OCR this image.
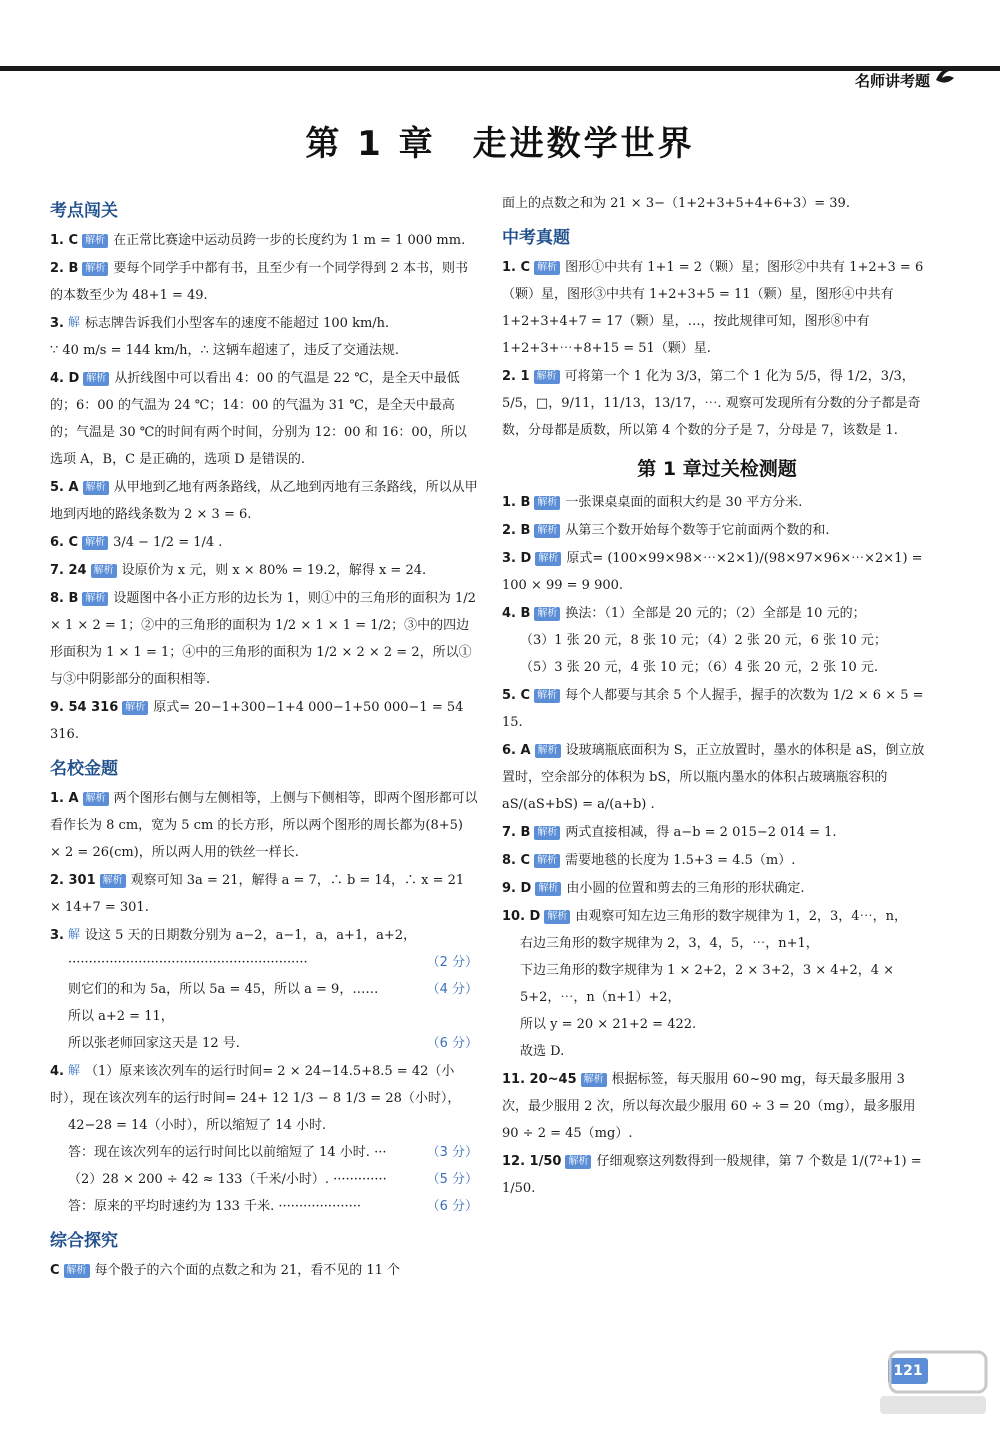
名师讲考题
第 1 章　走进数学世界
考点闯关
1. C 解析 在正常比赛途中运动员跨一步的长度约为 1 m = 1 000 mm.
2. B 解析 要每个同学手中都有书，且至少有一个同学得到 2 本书，则书的本数至少为 48+1 = 49.
3. 解 标志牌告诉我们小型客车的速度不能超过 100 km/h.

∵ 40 m/s = 144 km/h，∴ 这辆车超速了，违反了交通法规.

4. D 解析 从折线图中可以看出 4：00 的气温是 22 ℃，是全天中最低的；6：00 的气温为 24 ℃；14：00 的气温为 31 ℃，是全天中最高的；气温是 30 ℃的时间有两个时间，分别为 12：00 和 16：00，所以选项 A，B，C 是正确的，选项 D 是错误的.
5. A 解析 从甲地到乙地有两条路线，从乙地到丙地有三条路线，所以从甲地到丙地的路线条数为 2 × 3 = 6.
6. C 解析 3/4 − 1/2 = 1/4 .
7. 24 解析 设原价为 x 元，则 x × 80% = 19.2，解得 x = 24.
8. B 解析 设题图中各小正方形的边长为 1，则①中的三角形的面积为 1/2 × 1 × 2 = 1；②中的三角形的面积为 1/2 × 1 × 1 = 1/2；③中的四边形面积为 1 × 1 = 1；④中的三角形的面积为 1/2 × 2 × 2 = 2，所以①与③中阴影部分的面积相等.
9. 54 316 解析 原式= 20−1+300−1+4 000−1+50 000−1 = 54 316.
名校金题
1. A 解析 两个图形右侧与左侧相等，上侧与下侧相等，即两个图形都可以看作长为 8 cm，宽为 5 cm 的长方形，所以两个图形的周长都为(8+5) × 2 = 26(cm)，所以两人用的铁丝一样长.
2. 301 解析 观察可知 3a = 21，解得 a = 7，∴ b = 14，∴ x = 21 × 14+7 = 301.
3. 解 设这 5 天的日期数分别为 a−2，a−1，a，a+1，a+2，

··························································	（2 分）

则它们的和为 5a，所以 5a = 45，所以 a = 9，……	（4 分）

所以 a+2 = 11，

所以张老师回家这天是 12 号.	（6 分）

4. 解 （1）原来该次列车的运行时间= 2 × 24−14.5+8.5 = 42（小时），现在该次列车的运行时间= 24+ 12 1/3 − 8 1/3 = 28（小时），

42−28 = 14（小时），所以缩短了 14 小时.

答：现在该次列车的运行时间比以前缩短了 14 小时. ···	（3 分）

（2）28 × 200 ÷ 42 ≈ 133（千米/小时）. ·············	（5 分）

答：原来的平均时速约为 133 千米. ····················	（6 分）

综合探究
C 解析 每个骰子的六个面的点数之和为 21，看不见的 11 个
面上的点数之和为 21 × 3−（1+2+3+5+4+6+3）= 39.
中考真题
1. C 解析 图形①中共有 1+1 = 2（颗）星；图形②中共有 1+2+3 = 6（颗）星，图形③中共有 1+2+3+5 = 11（颗）星，图形④中共有 1+2+3+4+7 = 17（颗）星，…，按此规律可知，图形⑧中有 1+2+3+⋯+8+15 = 51（颗）星.
2. 1 解析 可将第一个 1 化为 3/3，第二个 1 化为 5/5，得 1/2，3/3，5/5，□，9/11，11/13，13/17，⋯. 观察可发现所有分数的分子都是奇数，分母都是质数，所以第 4 个数的分子是 7，分母是 7，该数是 1.
第 1 章过关检测题
1. B 解析 一张课桌桌面的面积大约是 30 平方分米.
2. B 解析 从第三个数开始每个数等于它前面两个数的和.
3. D 解析 原式= (100×99×98×⋯×2×1)/(98×97×96×⋯×2×1) = 100 × 99 = 9 900.
4. B 解析 换法：（1）全部是 20 元的；（2）全部是 10 元的；

（3）1 张 20 元，8 张 10 元；（4）2 张 20 元，6 张 10 元；

（5）3 张 20 元，4 张 10 元；（6）4 张 20 元，2 张 10 元.

5. C 解析 每个人都要与其余 5 个人握手，握手的次数为 1/2 × 6 × 5 = 15.
6. A 解析 设玻璃瓶底面积为 S，正立放置时，墨水的体积是 aS，倒立放置时，空余部分的体积为 bS，所以瓶内墨水的体积占玻璃瓶容积的 aS/(aS+bS) = a/(a+b) .
7. B 解析 两式直接相减，得 a−b = 2 015−2 014 = 1.
8. C 解析 需要地毯的长度为 1.5+3 = 4.5（m）.
9. D 解析 由小圆的位置和剪去的三角形的形状确定.
10. D 解析 由观察可知左边三角形的数字规律为 1，2，3，4⋯，n，

右边三角形的数字规律为 2，3，4，5，⋯，n+1，

下边三角形的数字规律为 1 × 2+2，2 × 3+2，3 × 4+2，4 × 5+2，⋯，n（n+1）+2，

所以 y = 20 × 21+2 = 422.

故选 D.

11. 20~45 解析 根据标签，每天服用 60~90 mg，每天最多服用 3 次，最少服用 2 次，所以每次最少服用 60 ÷ 3 = 20（mg），最多服用 90 ÷ 2 = 45（mg）.
12. 1/50 解析 仔细观察这列数得到一般规律，第 7 个数是 1/(7²+1) = 1/50.
121
